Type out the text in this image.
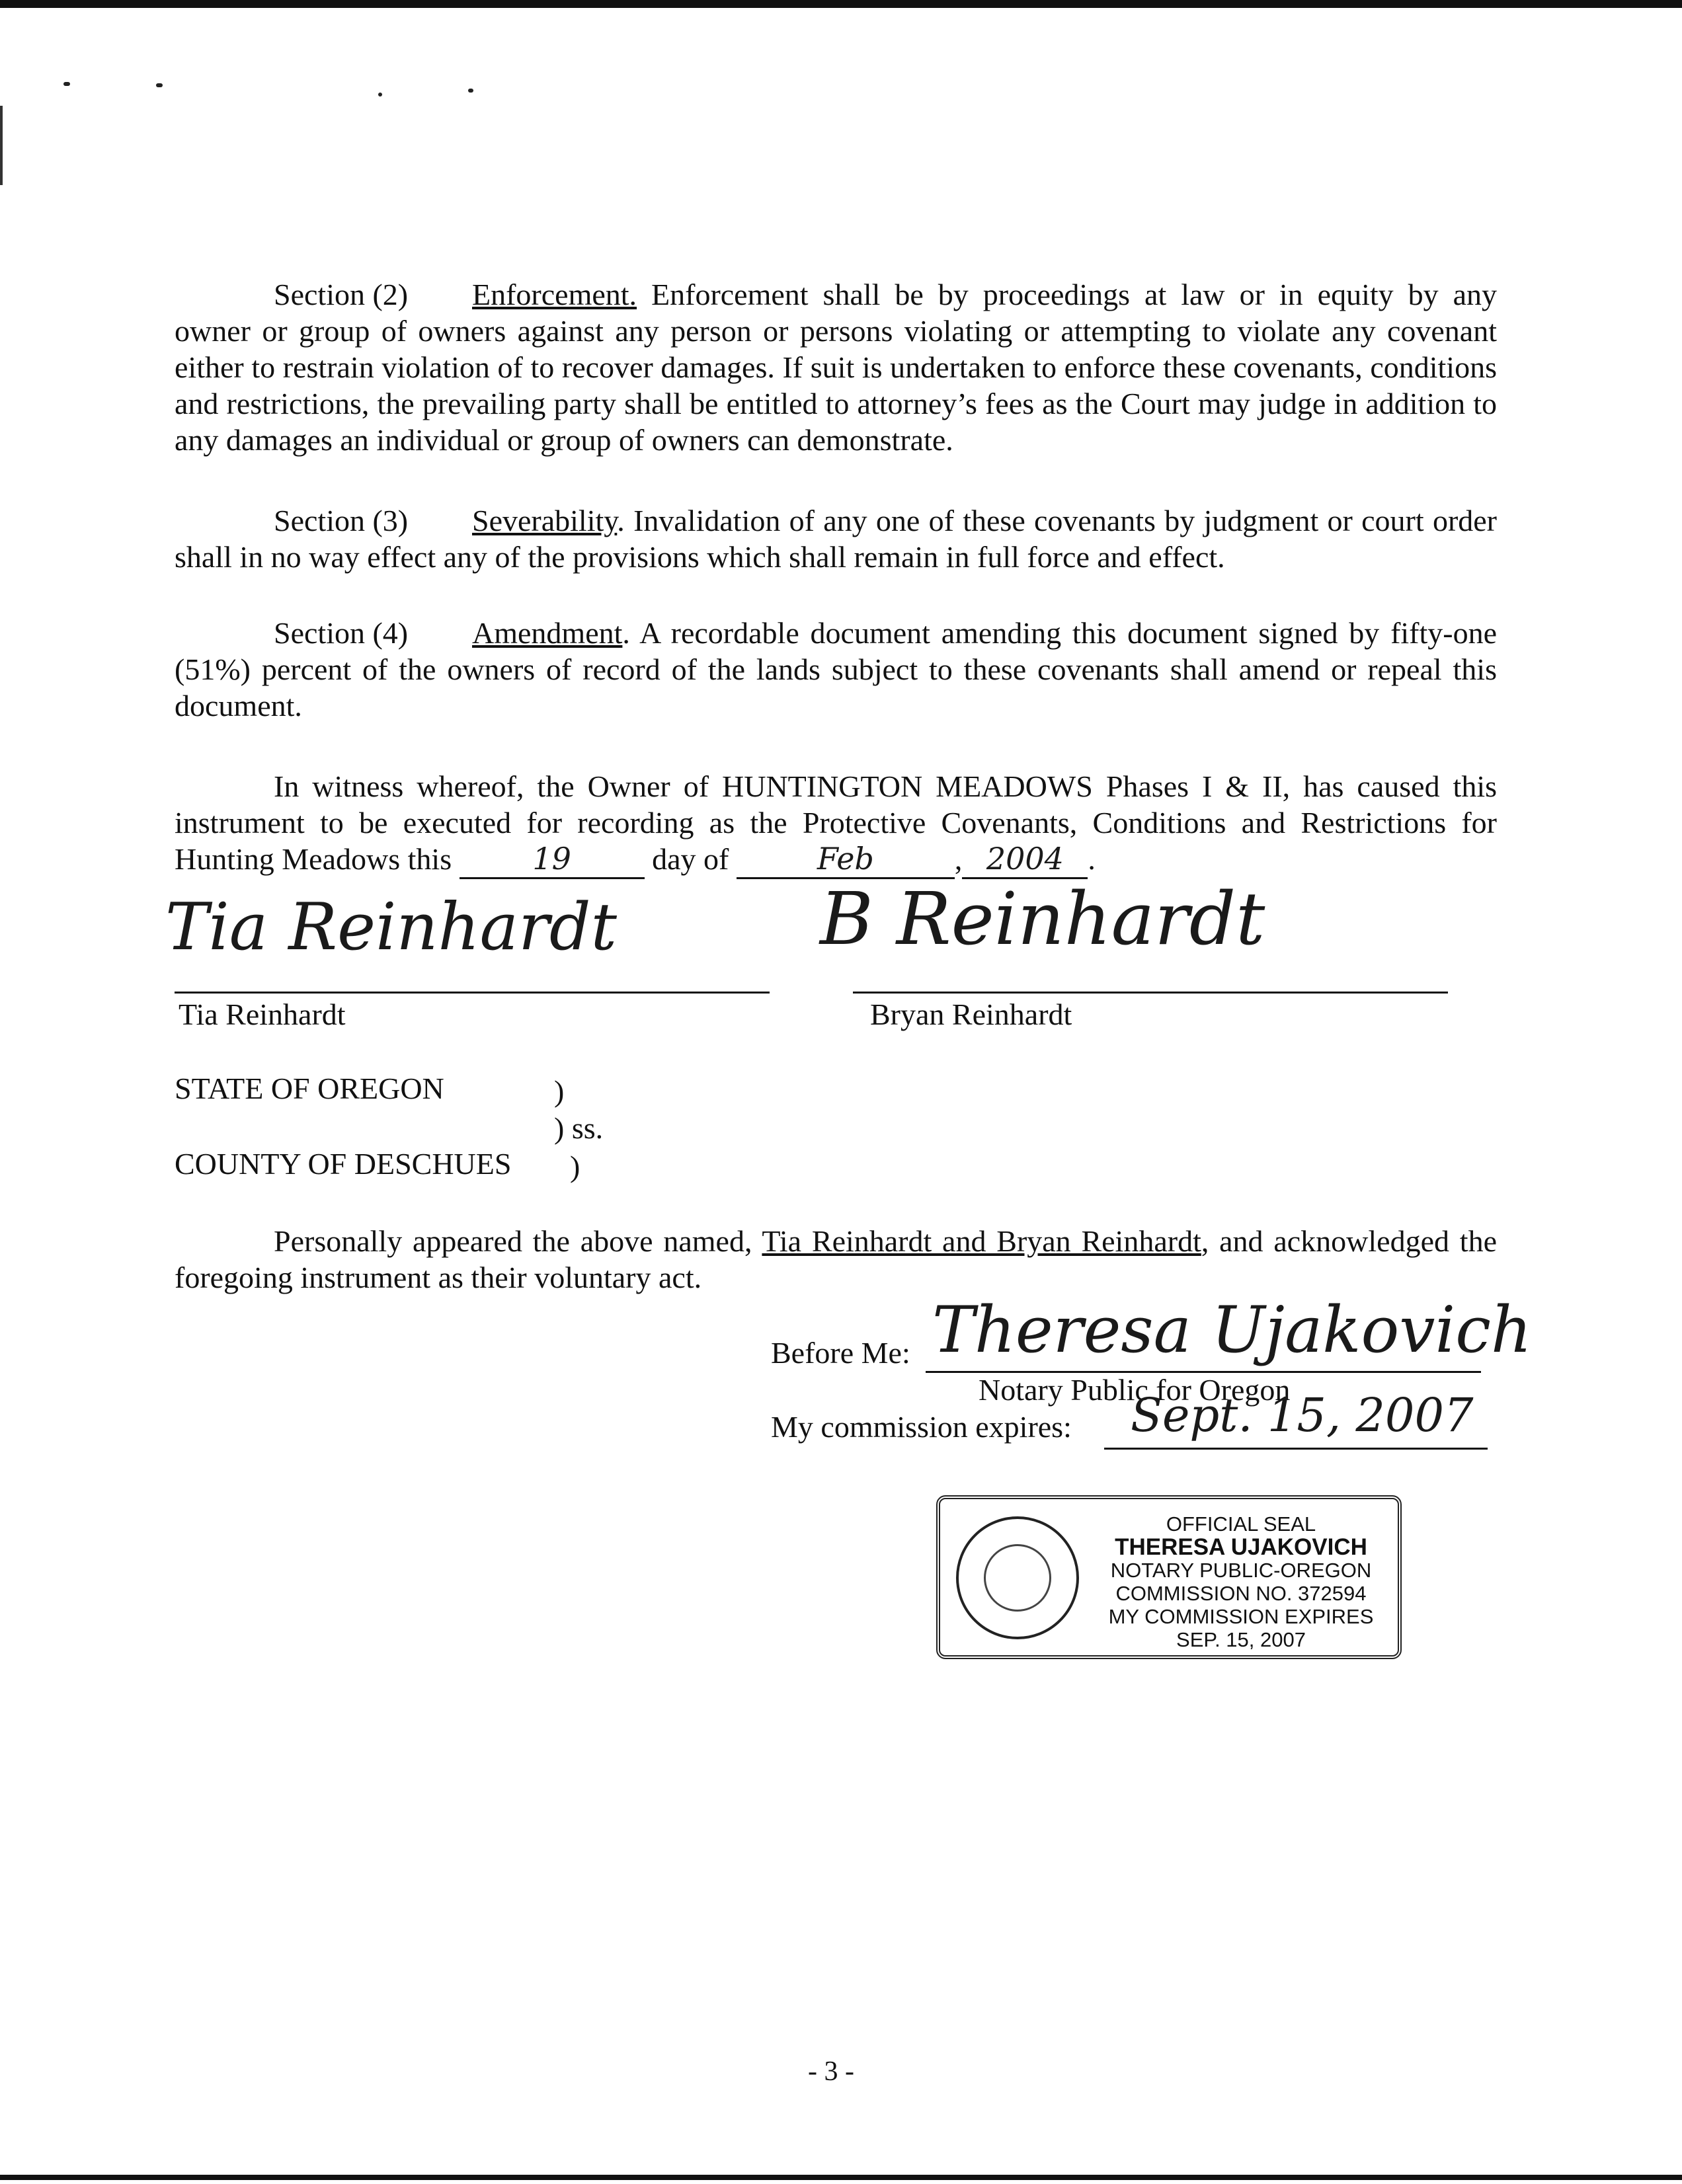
Section (2) Enforcement. Enforcement shall be by proceedings at law or in equity by any owner or group of owners against any person or persons violating or attempting to violate any covenant either to restrain violation of to recover damages. If suit is undertaken to enforce these covenants, conditions and restrictions, the prevailing party shall be entitled to attorney’s fees as the Court may judge in addition to any damages an individual or group of owners can demonstrate.

Section (3) Severability. Invalidation of any one of these covenants by judgment or court order shall in no way effect any of the provisions which shall remain in full force and effect.

Section (4) Amendment. A recordable document amending this document signed by fifty-one (51%) percent of the owners of record of the lands subject to these covenants shall amend or repeal this document.

In witness whereof, the Owner of HUNTINGTON MEADOWS Phases I & II, has caused this instrument to be executed for recording as the Protective Covenants, Conditions and Restrictions for Hunting Meadows this	19	day of	Feb	, 2004 .

Tia Reinhardt
Tia Reinhardt
B Reinhardt
Bryan Reinhardt
STATE OF OREGON	)
) ss.
COUNTY OF DESCHUES )

Personally appeared the above named, Tia Reinhardt and Bryan Reinhardt, and acknowledged the foregoing instrument as their voluntary act.

Before Me: Theresa Ujakovich
Notary Public for Oregon
My commission expires: Sept. 15, 2007
OFFICIAL SEAL
THERESA UJAKOVICH
NOTARY PUBLIC-OREGON
COMMISSION NO. 372594
MY COMMISSION EXPIRES SEP. 15, 2007
- 3 -
